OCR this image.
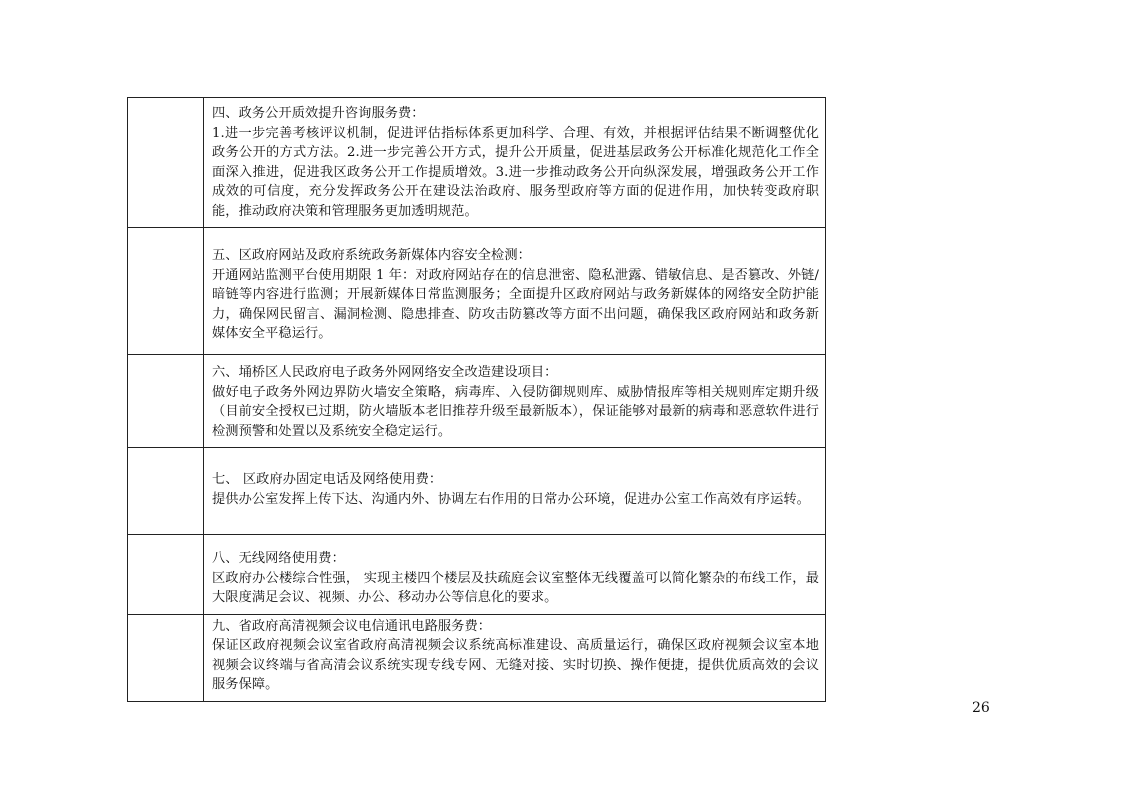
	四、政务公开质效提升咨询服务费：

1.进一步完善考核评议机制，促进评估指标体系更加科学、合理、有效，并根据评估结果不断调整优化政务公开的方式方法。2.进一步完善公开方式，提升公开质量，促进基层政务公开标准化规范化工作全面深入推进，促进我区政务公开工作提质增效。3.进一步推动政务公开向纵深发展，增强政务公开工作成效的可信度，充分发挥政务公开在建设法治政府、服务型政府等方面的促进作用，加快转变政府职能，推动政府决策和管理服务更加透明规范。

	五、区政府网站及政府系统政务新媒体内容安全检测：

开通网站监测平台使用期限 1 年：对政府网站存在的信息泄密、隐私泄露、错敏信息、是否篡改、外链/暗链等内容进行监测；开展新媒体日常监测服务；全面提升区政府网站与政务新媒体的网络安全防护能力，确保网民留言、漏洞检测、隐患排查、防攻击防篡改等方面不出问题，确保我区政府网站和政务新媒体安全平稳运行。

	六、埇桥区人民政府电子政务外网网络安全改造建设项目：

做好电子政务外网边界防火墙安全策略，病毒库、入侵防御规则库、威胁情报库等相关规则库定期升级（目前安全授权已过期，防火墙版本老旧推荐升级至最新版本），保证能够对最新的病毒和恶意软件进行检测预警和处置以及系统安全稳定运行。

	七、 区政府办固定电话及网络使用费：

提供办公室发挥上传下达、沟通内外、协调左右作用的日常办公环境，促进办公室工作高效有序运转。

	八、无线网络使用费：

区政府办公楼综合性强， 实现主楼四个楼层及扶疏庭会议室整体无线覆盖可以简化繁杂的布线工作，最大限度满足会议、视频、办公、移动办公等信息化的要求。

	九、省政府高清视频会议电信通讯电路服务费：

保证区政府视频会议室省政府高清视频会议系统高标准建设、高质量运行，确保区政府视频会议室本地视频会议终端与省高清会议系统实现专线专网、无缝对接、实时切换、操作便捷，提供优质高效的会议服务保障。

26
